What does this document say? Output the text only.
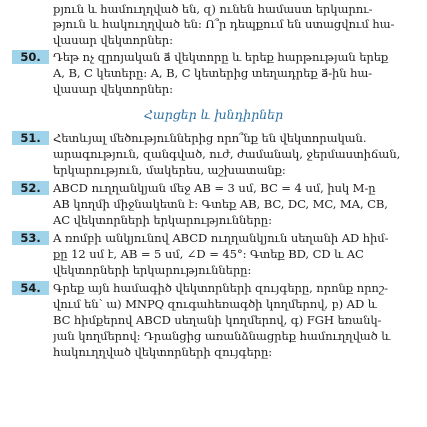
pյուն և համուղղված են, զ) ունեն համաստ երկարու-
թյուն և հակուղղված են: Ո՞ր դեպքում են ստացվում հա-
վասար վեկտորներ:
50.	Դեթ ոչ զրոյական a⃗ վեկտորը և երեք հարթության երեք
A, B, C կետերը: A, B, C կետերից տեղադրեք a⃗-ին հա-
վասար վեկտորներ:
Հարցեր և խնդիրներ
51.	Հետևյալ մեծություններից որո՞նք են վեկտորական.
արագություն, զանգված, ուժ, ժամանակ, ջերմաստիճան,
երկարություն, մակերես, աշխատանք:
52.	ABCD ուղղանկյան մեջ AB = 3 սմ, BC = 4 սմ, իսկ M-ը
AB կողմի միջնակետն է: Գտեք AB, BC, DC, MC, MA, CB,
AC վեկտորների երկարությունները:
53.	A ռոմբի անկյունով ABCD ուղղանկյուն սեղանի AD հիմ-
քը 12 սմ է, AB = 5 սմ, ∠D = 45°: Գտեք BD, CD և AC
վեկտորների երկարությունները:
54.	Գրեք այն համագիծ վեկտորների զույգերը, որոնք որոշ-
վում են՝ ա) MNPQ զուգահեռագծի կողմերով, բ) AD և
BC հիմքերով ABCD սեղանի կողմերով, գ) FGH եռանկ-
յան կողմերով: Դրանցից առանձնացրեք համուղղված և
հակուղղված վեկտորների զույգերը:
